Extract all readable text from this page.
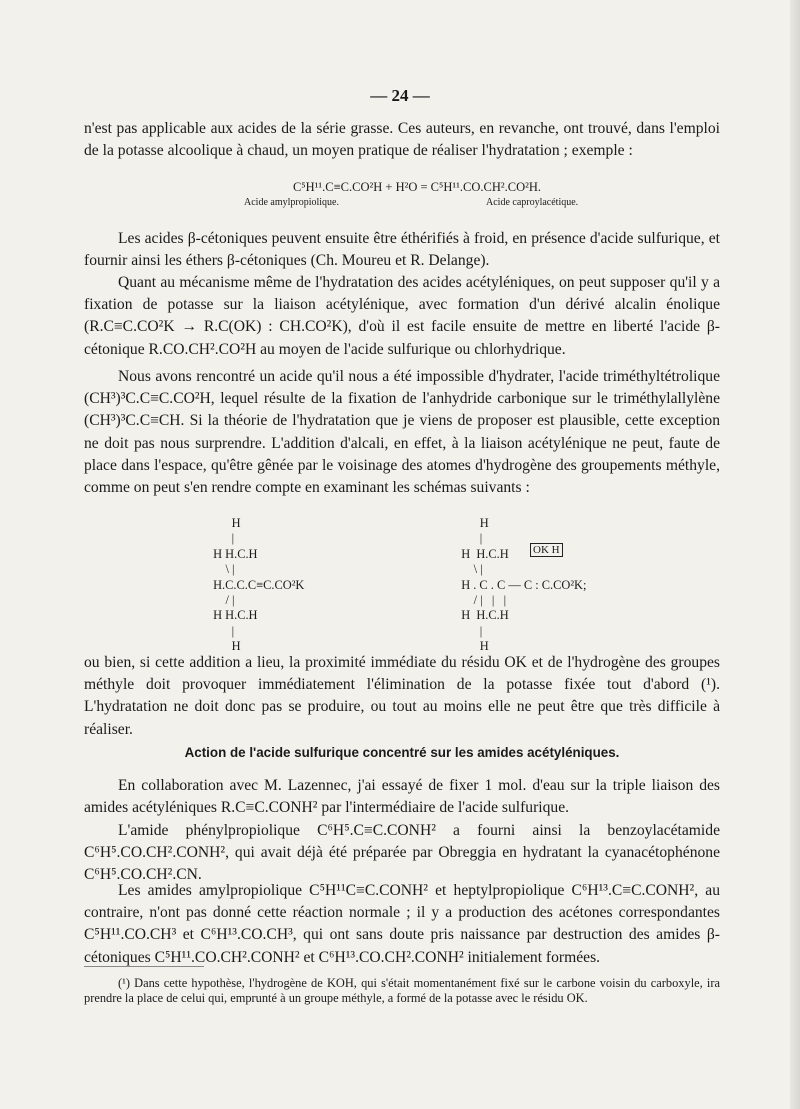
— 24 —
n'est pas applicable aux acides de la série grasse. Ces auteurs, en revanche, ont trouvé, dans l'emploi de la potasse alcoolique à chaud, un moyen pratique de réaliser l'hydratation ; exemple :
C⁵H¹¹.C≡C.CO²H + H²O = C⁵H¹¹.CO.CH².CO²H.
Acide amylpropiolique.	Acide caproylacétique.
Les acides β-cétoniques peuvent ensuite être éthérifiés à froid, en présence d'acide sulfurique, et fournir ainsi les éthers β-cétoniques (Ch. Moureu et R. Delange).
Quant au mécanisme même de l'hydratation des acides acétyléniques, on peut supposer qu'il y a fixation de potasse sur la liaison acétylénique, avec formation d'un dérivé alcalin énolique (R.C≡C.CO²K → R.C(OK) : CH.CO²K), d'où il est facile ensuite de mettre en liberté l'acide β-cétonique R.CO.CH².CO²H au moyen de l'acide sulfurique ou chlorhydrique.
Nous avons rencontré un acide qu'il nous a été impossible d'hydrater, l'acide triméthyltétrolique (CH³)³C.C≡C.CO²H, lequel résulte de la fixation de l'anhydride carbonique sur le triméthylallylène (CH³)³C.C≡CH. Si la théorie de l'hydratation que je viens de proposer est plausible, cette exception ne doit pas nous surprendre. L'addition d'alcali, en effet, à la liaison acétylénique ne peut, faute de place dans l'espace, qu'être gênée par le voisinage des atomes d'hydrogène des groupements méthyle, comme on peut s'en rendre compte en examinant les schémas suivants :
H
|
H H.C.H
\ |
H.C.C.C≡C.CO²K
/ |
H H.C.H
|
H
H
|
H  H.C.H
\ |
H . C . C — C : C.CO²K;
/ |   |   |
H  H.C.H
|
H
OK H
ou bien, si cette addition a lieu, la proximité immédiate du résidu OK et de l'hydrogène des groupes méthyle doit provoquer immédiatement l'élimination de la potasse fixée tout d'abord (¹). L'hydratation ne doit donc pas se produire, ou tout au moins elle ne peut être que très difficile à réaliser.
Action de l'acide sulfurique concentré sur les amides acétyléniques.
En collaboration avec M. Lazennec, j'ai essayé de fixer 1 mol. d'eau sur la triple liaison des amides acétyléniques R.C≡C.CONH² par l'intermédiaire de l'acide sulfurique.
L'amide phénylpropiolique C⁶H⁵.C≡C.CONH² a fourni ainsi la benzoylacétamide C⁶H⁵.CO.CH².CONH², qui avait déjà été préparée par Obreggia en hydratant la cyanacétophénone C⁶H⁵.CO.CH².CN.
Les amides amylpropiolique C⁵H¹¹C≡C.CONH² et heptylpropiolique C⁶H¹³.C≡C.CONH², au contraire, n'ont pas donné cette réaction normale ; il y a production des acétones correspondantes C⁵H¹¹.CO.CH³ et C⁶H¹³.CO.CH³, qui ont sans doute pris naissance par destruction des amides β-cétoniques C⁵H¹¹.CO.CH².CONH² et C⁶H¹³.CO.CH².CONH² initialement formées.
(¹) Dans cette hypothèse, l'hydrogène de KOH, qui s'était momentanément fixé sur le carbone voisin du carboxyle, ira prendre la place de celui qui, emprunté à un groupe méthyle, a formé de la potasse avec le résidu OK.
